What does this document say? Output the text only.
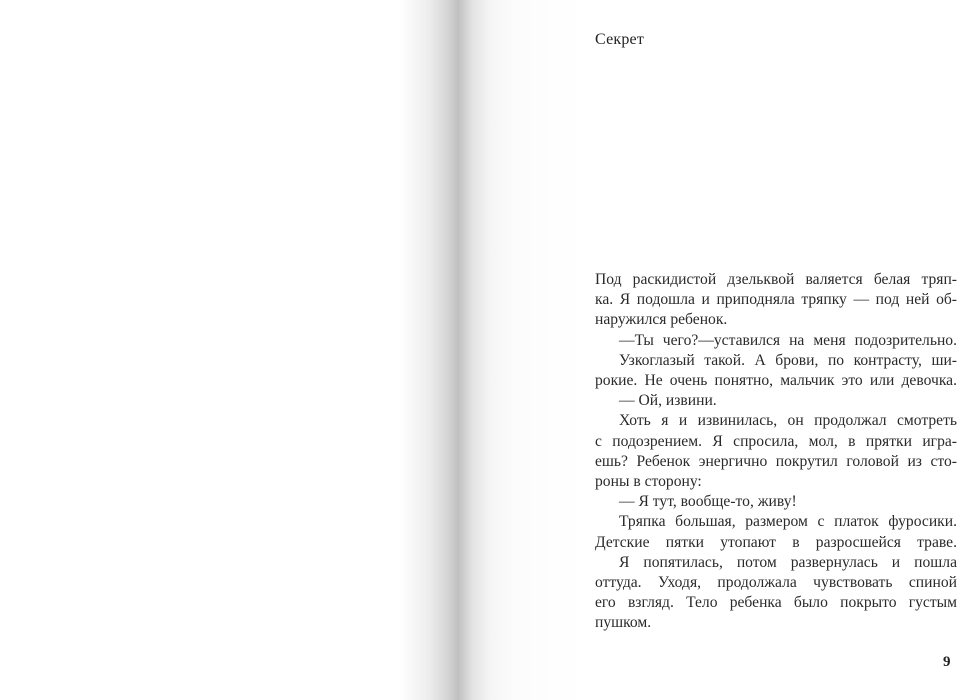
Секрет

Под раскидистой дзельквой валяется белая тряп-
ка. Я подошла и приподняла тряпку — под ней об-
наружился ребенок.
—Ты чего?—уставился на меня подозрительно.
Узкоглазый такой. А брови, по контрасту, ши-
рокие. Не очень понятно, мальчик это или девочка.
— Ой, извини.
Хоть я и извинилась, он продолжал смотреть
с подозрением. Я спросила, мол, в прятки игра-
ешь? Ребенок энергично покрутил головой из сто-
роны в сторону:
— Я тут, вообще-то, живу!
Тряпка большая, размером с платок фуросики.
Детские пятки утопают в разросшейся траве.
Я попятилась, потом развернулась и пошла
оттуда. Уходя, продолжала чувствовать спиной
его взгляд. Тело ребенка было покрыто густым
пушком.

9
